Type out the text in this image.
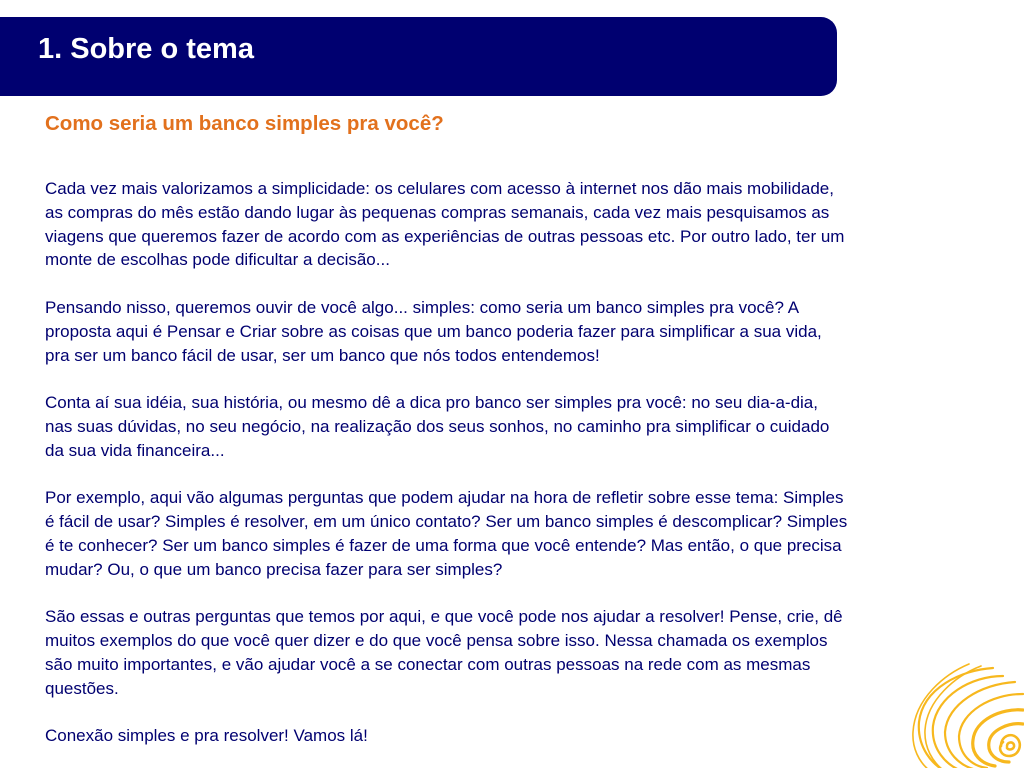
1. Sobre o tema
Como seria um banco simples pra você?

Cada vez mais valorizamos a simplicidade: os celulares com acesso à internet nos dão mais mobilidade,
as compras do mês estão dando lugar às pequenas compras semanais, cada vez mais pesquisamos as
viagens que queremos fazer de acordo com as experiências de outras pessoas etc. Por outro lado, ter um
monte de escolhas pode dificultar a decisão...

Pensando nisso, queremos ouvir de você algo... simples: como seria um banco simples pra você? A
proposta aqui é Pensar e Criar sobre as coisas que um banco poderia fazer para simplificar a sua vida,
pra ser um banco fácil de usar, ser um banco que nós todos entendemos!

Conta aí sua idéia, sua história, ou mesmo dê a dica pro banco ser simples pra você: no seu dia-a-dia,
nas suas dúvidas, no seu negócio, na realização dos seus sonhos, no caminho pra simplificar o cuidado
da sua vida financeira...

Por exemplo, aqui vão algumas perguntas que podem ajudar na hora de refletir sobre esse tema: Simples
é fácil de usar? Simples é resolver, em um único contato? Ser um banco simples é descomplicar? Simples
é te conhecer? Ser um banco simples é fazer de uma forma que você entende? Mas então, o que precisa
mudar? Ou, o que um banco precisa fazer para ser simples?

São essas e outras perguntas que temos por aqui, e que você pode nos ajudar a resolver! Pense, crie, dê
muitos exemplos do que você quer dizer e do que você pensa sobre isso. Nessa chamada os exemplos
são muito importantes, e vão ajudar você a se conectar com outras pessoas na rede com as mesmas
questões.

Conexão simples e pra resolver! Vamos lá!
